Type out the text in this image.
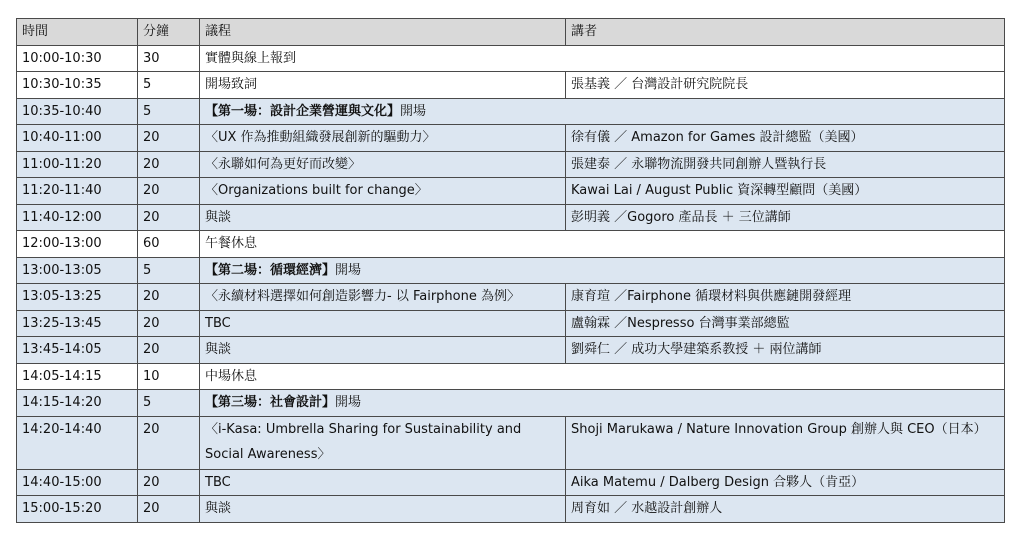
時間	分鐘	議程	講者
10:00-10:30	30	實體與線上報到	
10:30-10:35	5	開場致詞	張基義 ／ 台灣設計研究院院長
10:35-10:40	5	【第一場：設計企業營運與文化】開場	
10:40-11:00	20	〈UX 作為推動組織發展創新的驅動力〉	徐有儀 ／ Amazon for Games 設計總監（美國）
11:00-11:20	20	〈永聯如何為更好而改變〉	張建泰 ／ 永聯物流開發共同創辦人暨執行長
11:20-11:40	20	〈Organizations built for change〉	Kawai Lai / August Public 資深轉型顧問（美國）
11:40-12:00	20	與談	彭明義 ／Gogoro 產品長 ＋ 三位講師
12:00-13:00	60	午餐休息	
13:00-13:05	5	【第二場：循環經濟】開場	
13:05-13:25	20	〈永續材料選擇如何創造影響力- 以 Fairphone 為例〉	康育瑄 ／Fairphone 循環材料與供應鏈開發經理
13:25-13:45	20	TBC	盧翰霖 ／Nespresso 台灣事業部總監
13:45-14:05	20	與談	劉舜仁 ／ 成功大學建築系教授 ＋ 兩位講師
14:05-14:15	10	中場休息	
14:15-14:20	5	【第三場：社會設計】開場	
14:20-14:40	20	〈i-Kasa: Umbrella Sharing for Sustainability and Social Awareness〉	Shoji Marukawa / Nature Innovation Group 創辦人與 CEO（日本）
14:40-15:00	20	TBC	Aika Matemu / Dalberg Design 合夥人（肯亞）
15:00-15:20	20	與談	周育如 ／ 水越設計創辦人
